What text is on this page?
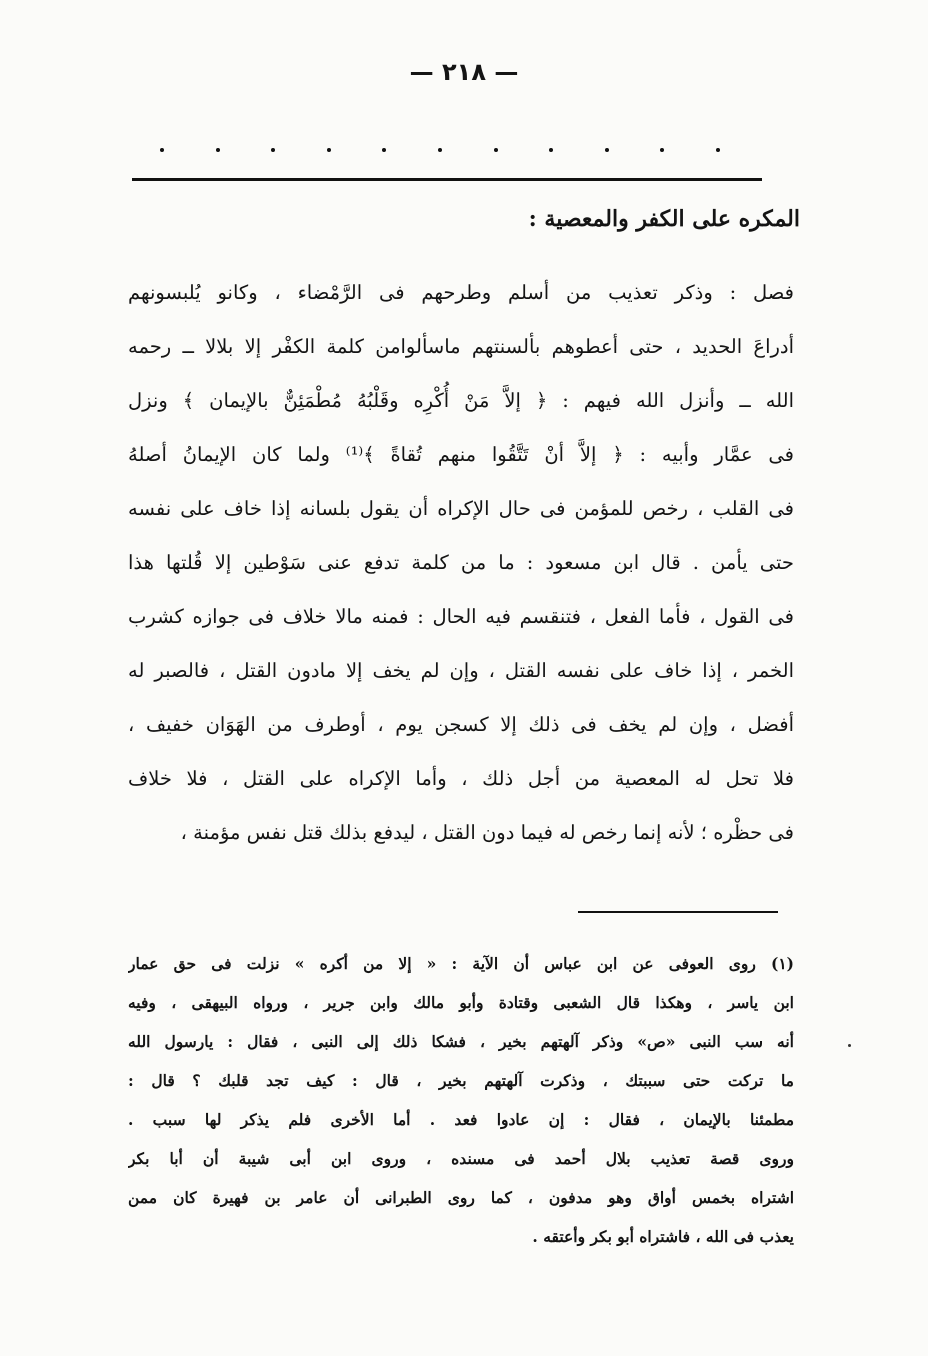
— ٢١٨ —
المكره على الكفر والمعصية :
فصل : وذكر تعذيب من أسلم وطرحهم فى الرَّمْضاء ، وكانو يُلبسونهم
أدراعَ الحديد ، حتى أعطوهم بألسنتهم ماسألوامن كلمة الكفْر إلا بلالا ــ رحمه
الله ــ وأنزل الله فيهم : ﴿ إلاَّ مَنْ أُكْرِه وقَلْبُهُ مُطْمَئِنٌّ بالإيمان ﴾ ونزل
فى عمَّار وأبيه : ﴿ إلاَّ أنْ تَتَّقُوا منهم تُقاةً ﴾⁽¹⁾ ولما كان الإيمانُ أصلهُ
فى القلب ، رخص للمؤمن فى حال الإكراه أن يقول بلسانه إذا خاف على نفسه
حتى يأمن . قال ابن مسعود : ما من كلمة تدفع عنى سَوْطين إلا قُلتها هذا
فى القول ، فأما الفعل ، فتنقسم فيه الحال : فمنه مالا خلاف فى جوازه كشرب
الخمر ، إذا خاف على نفسه القتل ، وإن لم يخف إلا مادون القتل ، فالصبر له
أفضل ، وإن لم يخف فى ذلك إلا كسجن يوم ، أوطرف من الهَوَان خفيف ،
فلا تحل له المعصية من أجل ذلك ، وأما الإكراه على القتل ، فلا خلاف
فى حظْره ؛ لأنه إنما رخص له فيما دون القتل ، ليدفع بذلك قتل نفس مؤمنة ،
(١) روى العوفى عن ابن عباس أن الآية : « إلا من أكره » نزلت فى حق عمار
ابن ياسر ، وهكذا قال الشعبى وقتادة وأبو مالك وابن جرير ، ورواه البيهقى ، وفيه
أنه سب النبى «ص» وذكر آلهتهم بخير ، فشكا ذلك إلى النبى ، فقال : يارسول الله
ما تركت حتى سببتك ، وذكرت آلهتهم بخير ، قال : كيف تجد قلبك ؟ قال :
مطمئنا بالإيمان ، فقال : إن عادوا فعد . أما الأخرى فلم يذكر لها سبب .
وروى قصة تعذيب بلال أحمد فى مسنده ، وروى ابن أبى شيبة أن أبا بكر
اشتراه بخمس أواق وهو مدفون ، كما روى الطبرانى أن عامر بن فهيرة كان ممن
يعذب فى الله ، فاشتراه أبو بكر وأعتقه .
